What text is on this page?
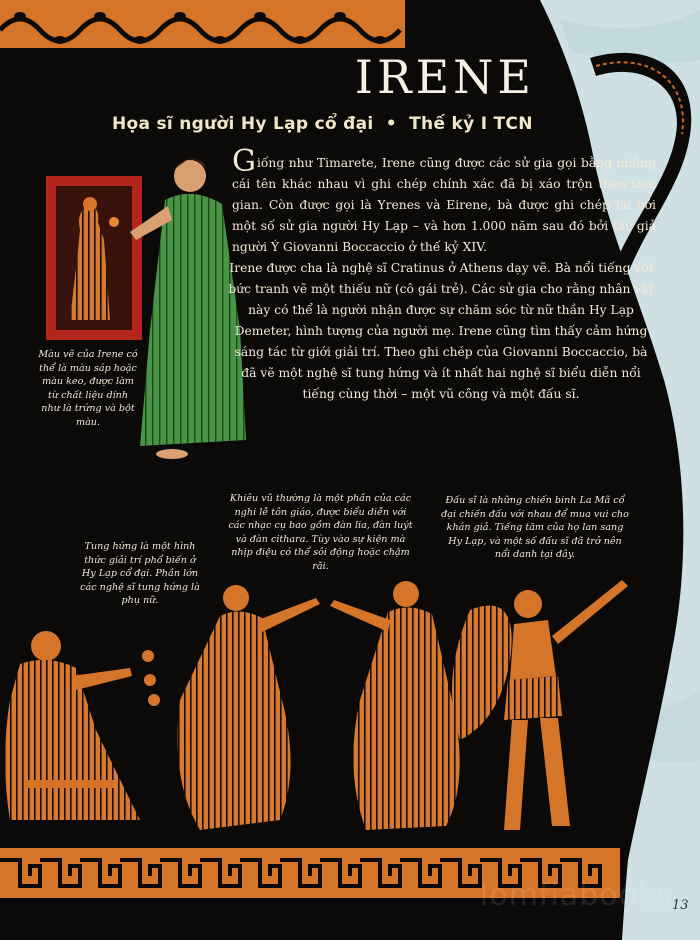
IRENE
Họa sĩ người Hy Lạp cổ đại • Thế kỷ I TCN

Giống như Timarete, Irene cũng được các sử gia gọi bằng những cái tên khác nhau vì ghi chép chính xác đã bị xáo trộn theo thời gian. Còn được gọi là Yrenes và Eirene, bà được ghi chép lại bởi một số sử gia người Hy Lạp – và hơn 1.000 năm sau đó bởi tác giả người Ý Giovanni Boccaccio ở thế kỷ XIV.

Irene được cha là nghệ sĩ Cratinus ở Athens dạy vẽ. Bà nổi tiếng với bức tranh vẽ một thiếu nữ (cô gái trẻ). Các sử gia cho rằng nhân vật này có thể là người nhận được sự chăm sóc từ nữ thần Hy Lạp Demeter, hình tượng của người mẹ. Irene cũng tìm thấy cảm hứng sáng tác từ giới giải trí. Theo ghi chép của Giovanni Boccaccio, bà đã vẽ một nghệ sĩ tung hứng và ít nhất hai nghệ sĩ biểu diễn nổi tiếng cùng thời – một vũ công và một đấu sĩ.

Màu vẽ của Irene có thể là màu sáp hoặc màu keo, được làm từ chất liệu dính như là trứng và bột màu.
Tung hứng là một hình thức giải trí phổ biến ở Hy Lạp cổ đại. Phần lớn các nghệ sĩ tung hứng là phụ nữ.
Khiêu vũ thường là một phần của các nghi lễ tôn giáo, được biểu diễn với các nhạc cụ bao gồm đàn lia, đàn luýt và đàn cithara. Tùy vào sự kiện mà nhịp điệu có thể sôi động hoặc chậm rãi.
Đấu sĩ là những chiến binh La Mã cổ đại chiến đấu với nhau để mua vui cho khán giả. Tiếng tăm của họ lan sang Hy Lạp, và một số đấu sĩ đã trở nên nổi danh tại đây.
lomfiabooks 13
